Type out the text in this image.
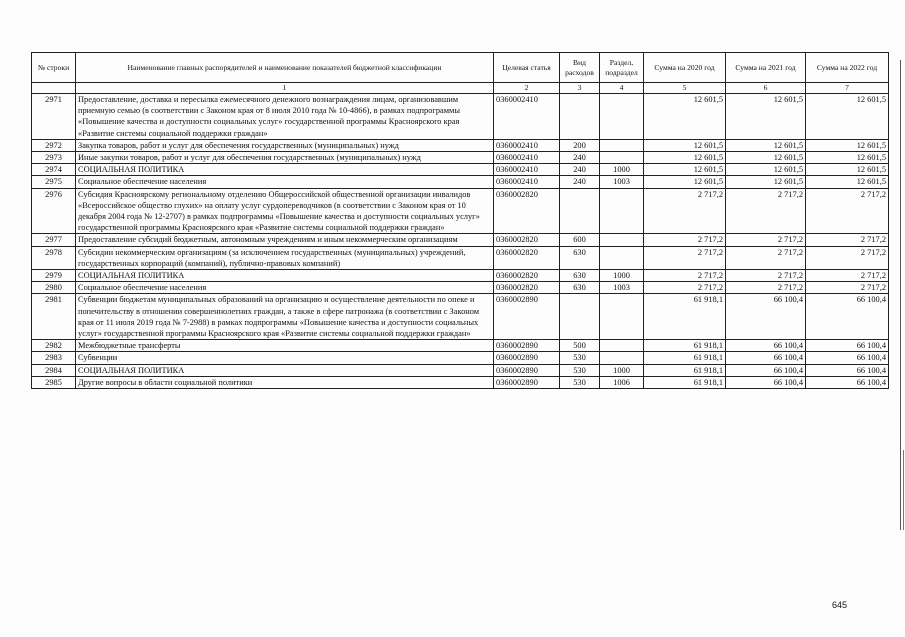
№ строки	Наименование главных распорядителей и наименование показателей бюджетной классификации	Целевая статья	Вид расходов	Раздел, подраздел	Сумма на 2020 год	Сумма на 2021 год	Сумма на 2022 год
	1	2	3	4	5	6	7
2971	Предоставление, доставка и пересылка ежемесячного денежного вознаграждения лицам, организовавшим приемную семью (в соответствии с Законом края от 8 июля 2010 года № 10-4866), в рамках подпрограммы «Повышение качества и доступности социальных услуг» государственной программы Красноярского края «Развитие системы социальной поддержки граждан»	0360002410			12 601,5	12 601,5	12 601,5
2972	Закупка товаров, работ и услуг для обеспечения государственных (муниципальных) нужд	0360002410	200		12 601,5	12 601,5	12 601,5
2973	Иные закупки товаров, работ и услуг для обеспечения государственных (муниципальных) нужд	0360002410	240		12 601,5	12 601,5	12 601,5
2974	СОЦИАЛЬНАЯ ПОЛИТИКА	0360002410	240	1000	12 601,5	12 601,5	12 601,5
2975	Социальное обеспечение населения	0360002410	240	1003	12 601,5	12 601,5	12 601,5
2976	Субсидия Красноярскому региональному отделению Общероссийской общественной организации инвалидов «Всероссийское общество глухих» на оплату услуг сурдопереводчиков (в соответствии с Законом края от 10 декабря 2004 года № 12-2707) в рамках подпрограммы «Повышение качества и доступности социальных услуг» государственной программы Красноярского края «Развитие системы социальной поддержки граждан»	0360002820			2 717,2	2 717,2	2 717,2
2977	Предоставление субсидий бюджетным, автономным учреждениям и иным некоммерческим организациям	0360002820	600		2 717,2	2 717,2	2 717,2
2978	Субсидии некоммерческим организациям (за исключением государственных (муниципальных) учреждений, государственных корпораций (компаний), публично-правовых компаний)	0360002820	630		2 717,2	2 717,2	2 717,2
2979	СОЦИАЛЬНАЯ ПОЛИТИКА	0360002820	630	1000	2 717,2	2 717,2	2 717,2
2980	Социальное обеспечение населения	0360002820	630	1003	2 717,2	2 717,2	2 717,2
2981	Субвенции бюджетам муниципальных образований на организацию и осуществление деятельности по опеке и попечительству в отношении совершеннолетних граждан, а также в сфере патронажа (в соответствии с Законом края от 11 июля 2019 года № 7-2988) в рамках подпрограммы «Повышение качества и доступности социальных услуг» государственной программы Красноярского края «Развитие системы социальной поддержки граждан»	0360002890			61 918,1	66 100,4	66 100,4
2982	Межбюджетные трансферты	0360002890	500		61 918,1	66 100,4	66 100,4
2983	Субвенции	0360002890	530		61 918,1	66 100,4	66 100,4
2984	СОЦИАЛЬНАЯ ПОЛИТИКА	0360002890	530	1000	61 918,1	66 100,4	66 100,4
2985	Другие вопросы в области социальной политики	0360002890	530	1006	61 918,1	66 100,4	66 100,4
645
